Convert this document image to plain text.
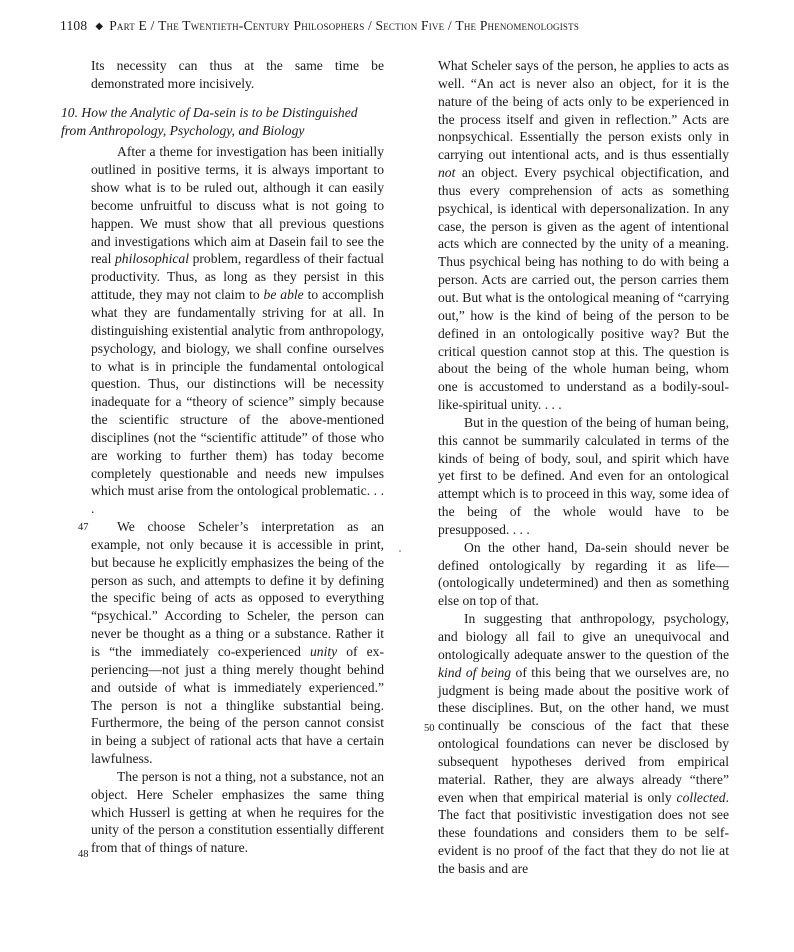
1108 ◆ Part E / The Twentieth-Century Philosophers / Section Five / The Phenomenologists

Its necessity can thus at the same time be demonstrated more incisively.

10. How the Analytic of Da-sein is to be Distinguished from Anthropology, Psychology, and Biology

After a theme for investigation has been initially outlined in positive terms, it is always important to show what is to be ruled out, although it can easily become unfruitful to discuss what is not going to happen. We must show that all previous questions and investigations which aim at Dasein fail to see the real philosophical problem, regardless of their factual productivity. Thus, as long as they persist in this attitude, they may not claim to be able to accomplish what they are fundamentally striving for at all. In distinguishing existential analytic from anthropology, psychology, and biology, we shall confine ourselves to what is in principle the fundamental ontological question. Thus, our distinctions will be necessity inadequate for a “theory of science” simply because the scientific structure of the above-mentioned disciplines (not the “scientific attitude” of those who are working to further them) has today become completely questionable and needs new impulses which must arise from the ontological problematic. . . .

We choose Scheler’s interpretation as an example, not only because it is accessible in print, but because he explicitly emphasizes the being of the person as such, and attempts to define it by defining the specific being of acts as opposed to everything “psychical.” According to Scheler, the person can never be thought as a thing or a substance. Rather it is “the immediately co-experienced unity of ex-periencing—not just a thing merely thought behind and outside of what is immediately experienced.” The person is not a thinglike substantial being. Furthermore, the being of the person cannot consist in being a subject of rational acts that have a certain lawfulness.

The person is not a thing, not a substance, not an object. Here Scheler emphasizes the same thing which Husserl is getting at when he requires for the unity of the person a constitution essentially different from that of things of nature.

47
48

What Scheler says of the person, he applies to acts as well. “An act is never also an object, for it is the nature of the being of acts only to be experienced in the process itself and given in reflection.” Acts are nonpsychical. Essentially the person exists only in carrying out intentional acts, and is thus essentially not an object. Every psychical objectification, and thus every comprehension of acts as something psychical, is identical with depersonalization. In any case, the person is given as the agent of intentional acts which are connected by the unity of a meaning. Thus psychical being has nothing to do with being a person. Acts are carried out, the person carries them out. But what is the ontological meaning of “carrying out,” how is the kind of being of the person to be defined in an ontologically positive way? But the critical question cannot stop at this. The question is about the being of the whole human being, whom one is accustomed to understand as a bodily-soul-like-spiritual unity. . . .

But in the question of the being of human being, this cannot be summarily calculated in terms of the kinds of being of body, soul, and spirit which have yet first to be defined. And even for an ontological attempt which is to proceed in this way, some idea of the being of the whole would have to be presupposed. . . .

On the other hand, Da-sein should never be defined ontologically by regarding it as life—(ontologically undetermined) and then as something else on top of that.

In suggesting that anthropology, psychology, and biology all fail to give an unequivocal and ontologically adequate answer to the question of the kind of being of this being that we ourselves are, no judgment is being made about the positive work of these disciplines. But, on the other hand, we must continually be conscious of the fact that these ontological foundations can never be disclosed by subsequent hypotheses derived from empirical material. Rather, they are always already “there” even when that empirical material is only collected. The fact that positivistic investigation does not see these foundations and considers them to be self-evident is no proof of the fact that they do not lie at the basis and are

50
